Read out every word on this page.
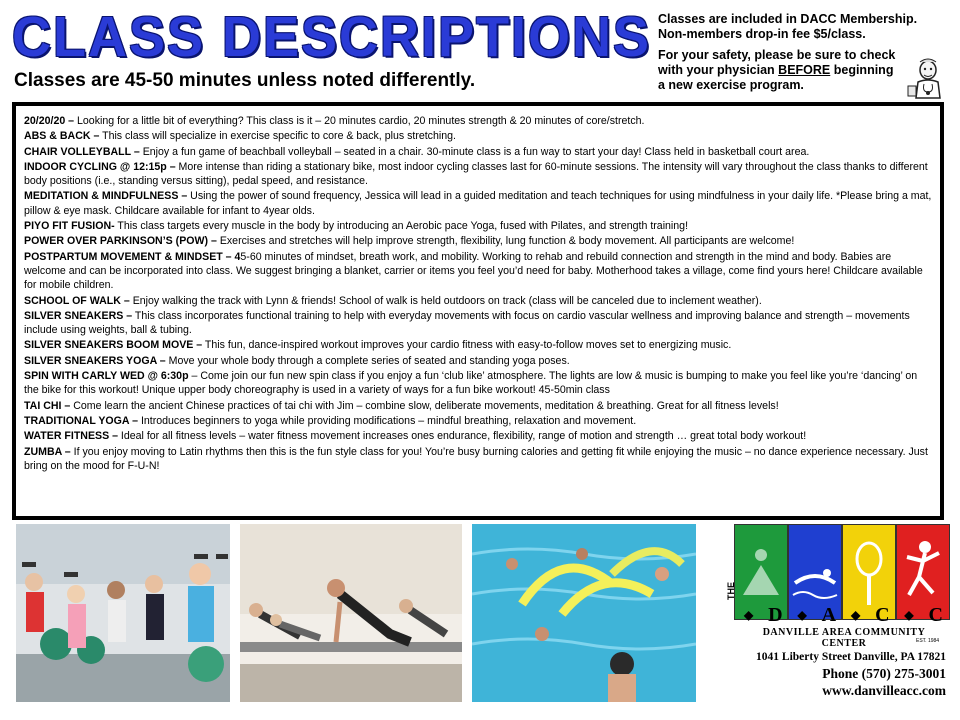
CLASS DESCRIPTIONS
Classes are 45-50 minutes unless noted differently.

Classes are included in DACC Membership.
Non-members drop-in fee $5/class.

For your safety, please be sure to check with your physician BEFORE beginning a new exercise program.

20/20/20 – Looking for a little bit of everything? This class is it – 20 minutes cardio, 20 minutes strength & 20 minutes of core/stretch.
ABS & BACK – This class will specialize in exercise specific to core & back, plus stretching.
CHAIR VOLLEYBALL – Enjoy a fun game of beachball volleyball – seated in a chair. 30-minute class is a fun way to start your day! Class held in basketball court area.
INDOOR CYCLING @ 12:15p – More intense than riding a stationary bike, most indoor cycling classes last for 60-minute sessions. The intensity will vary throughout the class thanks to different body positions (i.e., standing versus sitting), pedal speed, and resistance.
MEDITATION & MINDFULNESS – Using the power of sound frequency, Jessica will lead in a guided meditation and teach techniques for using mindfulness in your daily life. *Please bring a mat, pillow & eye mask. Childcare available for infant to 4year olds.
PIYO FIT FUSION- This class targets every muscle in the body by introducing an Aerobic pace Yoga, fused with Pilates, and strength training!
POWER OVER PARKINSON’S (POW) – Exercises and stretches will help improve strength, flexibility, lung function & body movement. All participants are welcome!
POSTPARTUM MOVEMENT & MINDSET – 45-60 minutes of mindset, breath work, and mobility. Working to rehab and rebuild connection and strength in the mind and body. Babies are welcome and can be incorporated into class. We suggest bringing a blanket, carrier or items you feel you’d need for baby. Motherhood takes a village, come find yours here! Childcare available for mobile children.
SCHOOL OF WALK – Enjoy walking the track with Lynn & friends! School of walk is held outdoors on track (class will be canceled due to inclement weather).
SILVER SNEAKERS – This class incorporates functional training to help with everyday movements with focus on cardio vascular wellness and improving balance and strength – movements include using weights, ball & tubing.
SILVER SNEAKERS BOOM MOVE – This fun, dance-inspired workout improves your cardio fitness with easy-to-follow moves set to energizing music.
SILVER SNEAKERS YOGA – Move your whole body through a complete series of seated and standing yoga poses.
SPIN WITH CARLY WED @ 6:30p – Come join our fun new spin class if you enjoy a fun ‘club like’ atmosphere. The lights are low & music is bumping to make you feel like you’re ‘dancing’ on the bike for this workout! Unique upper body choreography is used in a variety of ways for a fun bike workout! 45-50min class
TAI CHI – Come learn the ancient Chinese practices of tai chi with Jim – combine slow, deliberate movements, meditation & breathing. Great for all fitness levels!
TRADITIONAL YOGA – Introduces beginners to yoga while providing modifications – mindful breathing, relaxation and movement.
WATER FITNESS – Ideal for all fitness levels – water fitness movement increases ones endurance, flexibility, range of motion and strength … great total body workout!
ZUMBA – If you enjoy moving to Latin rhythms then this is the fun style class for you! You’re busy burning calories and getting fit while enjoying the music – no dance experience necessary. Just bring on the mood for F-U-N!
THE
◆ D ◆ A ◆ C ◆ C
DANVILLE AREA COMMUNITY CENTER	EST. 1984
1041 Liberty Street Danville, PA 17821
Phone (570) 275-3001
www.danvilleacc.com
